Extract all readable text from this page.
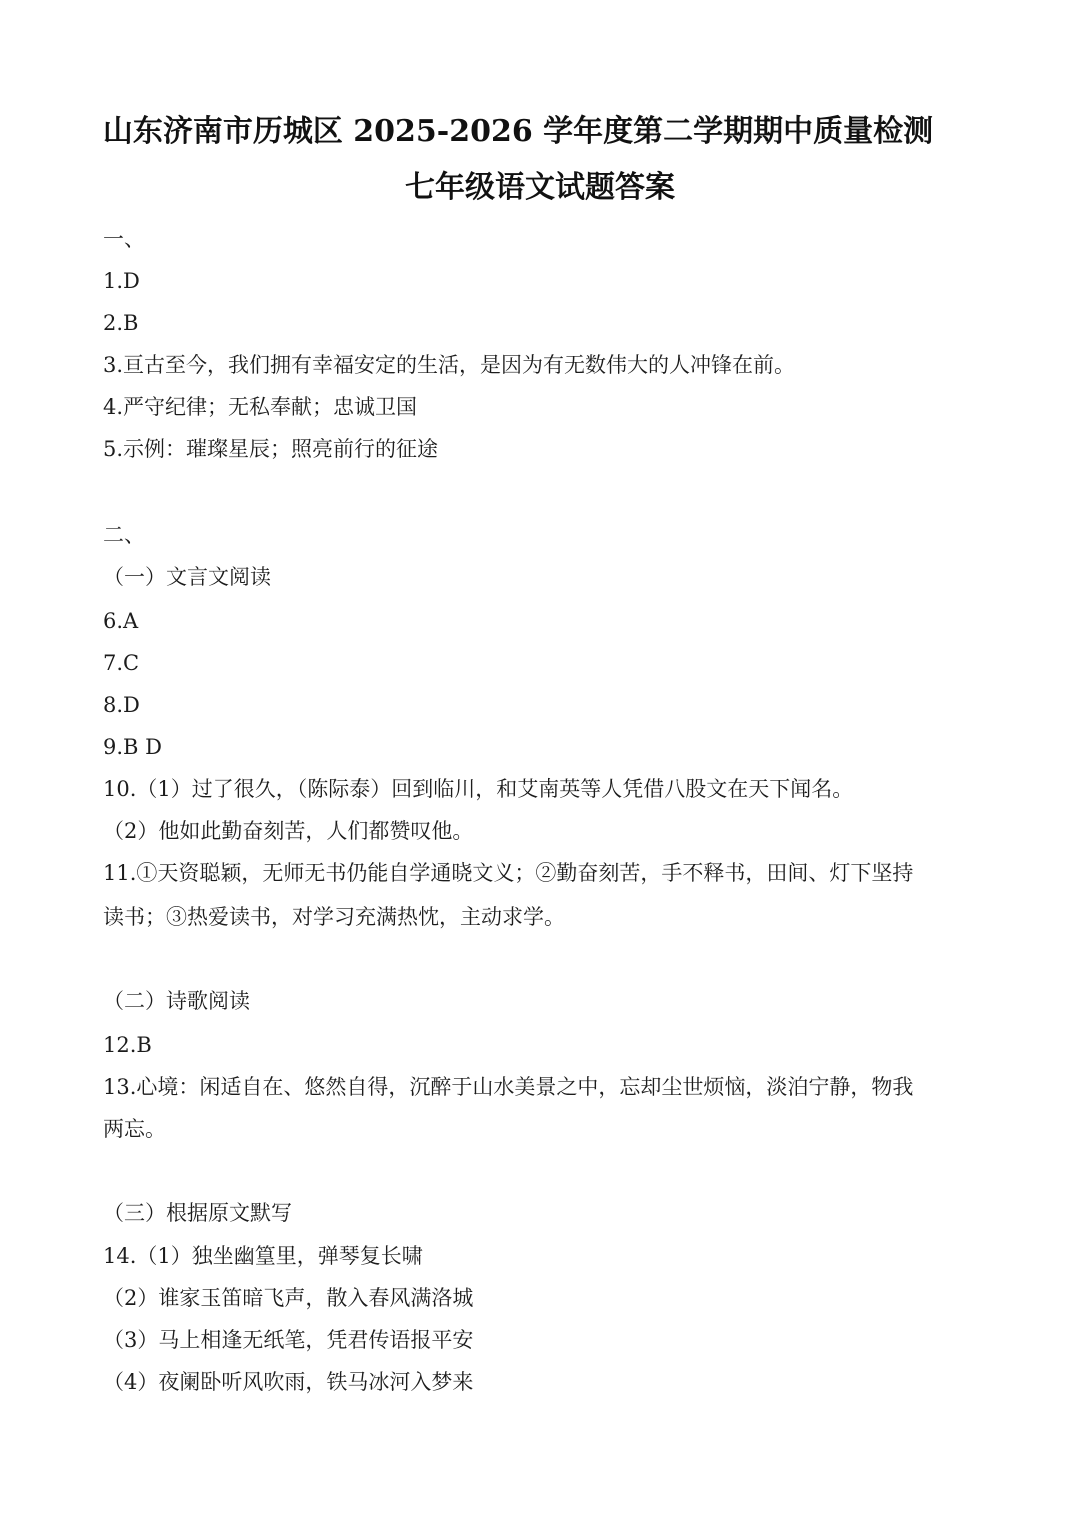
山东济南市历城区 2025-2026 学年度第二学期期中质量检测
七年级语文试题答案
一、
1.D
2.B
3.亘古至今，我们拥有幸福安定的生活，是因为有无数伟大的人冲锋在前。
4.严守纪律；无私奉献；忠诚卫国
5.示例：璀璨星辰；照亮前行的征途
二、
（一）文言文阅读
6.A
7.C
8.D
9.B D
10.（1）过了很久，（陈际泰）回到临川，和艾南英等人凭借八股文在天下闻名。
（2）他如此勤奋刻苦，人们都赞叹他。
11.①天资聪颖，无师无书仍能自学通晓文义；②勤奋刻苦，手不释书，田间、灯下坚持
读书；③热爱读书，对学习充满热忱，主动求学。
（二）诗歌阅读
12.B
13.心境：闲适自在、悠然自得，沉醉于山水美景之中，忘却尘世烦恼，淡泊宁静，物我
两忘。
（三）根据原文默写
14.（1）独坐幽篁里，弹琴复长啸
（2）谁家玉笛暗飞声，散入春风满洛城
（3）马上相逢无纸笔，凭君传语报平安
（4）夜阑卧听风吹雨，铁马冰河入梦来
